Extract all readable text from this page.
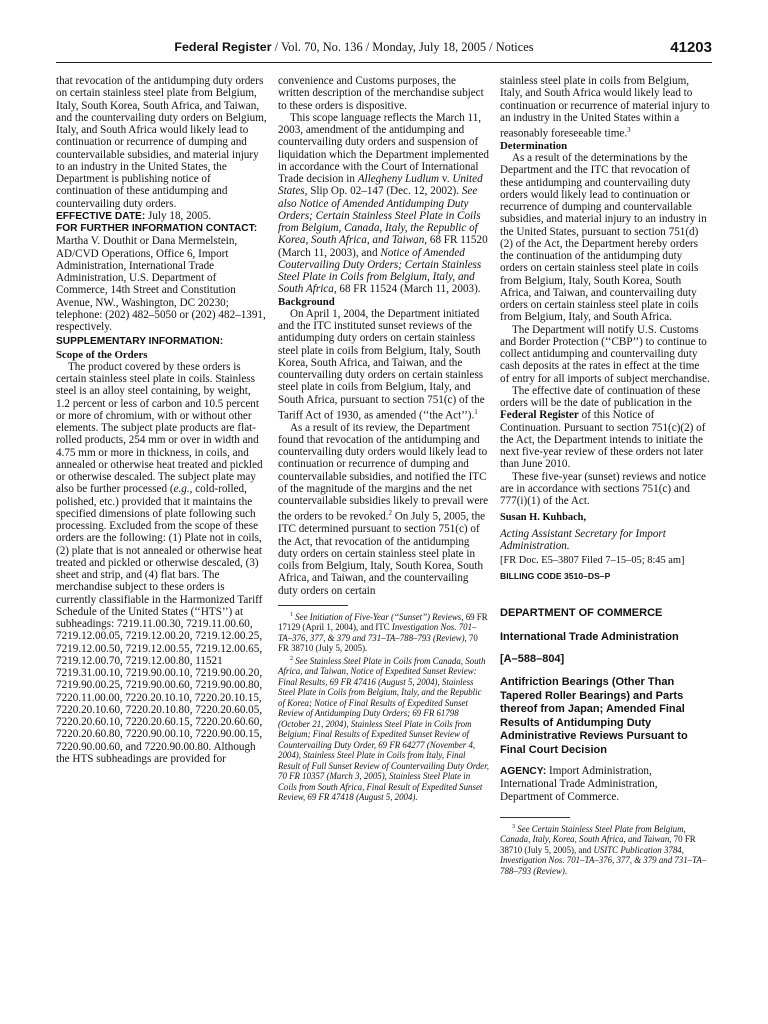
Federal Register / Vol. 70, No. 136 / Monday, July 18, 2005 / Notices	41203

that revocation of the antidumping duty orders on certain stainless steel plate from Belgium, Italy, South Korea, South Africa, and Taiwan, and the countervailing duty orders on Belgium, Italy, and South Africa would likely lead to continuation or recurrence of dumping and countervailable subsidies, and material injury to an industry in the United States, the Department is publishing notice of continuation of these antidumping and countervailing duty orders.

EFFECTIVE DATE: July 18, 2005.

FOR FURTHER INFORMATION CONTACT:

Martha V. Douthit or Dana Mermelstein, AD/CVD Operations, Office 6, Import Administration, International Trade Administration, U.S. Department of Commerce, 14th Street and Constitution Avenue, NW., Washington, DC 20230; telephone: (202) 482–5050 or (202) 482–1391, respectively.

SUPPLEMENTARY INFORMATION:

Scope of the Orders

The product covered by these orders is certain stainless steel plate in coils. Stainless steel is an alloy steel containing, by weight, 1.2 percent or less of carbon and 10.5 percent or more of chromium, with or without other elements. The subject plate products are flat-rolled products, 254 mm or over in width and 4.75 mm or more in thickness, in coils, and annealed or otherwise heat treated and pickled or otherwise descaled. The subject plate may also be further processed (e.g., cold-rolled, polished, etc.) provided that it maintains the specified dimensions of plate following such processing. Excluded from the scope of these orders are the following: (1) Plate not in coils, (2) plate that is not annealed or otherwise heat treated and pickled or otherwise descaled, (3) sheet and strip, and (4) flat bars. The merchandise subject to these orders is currently classifiable in the Harmonized Tariff Schedule of the United States (‘‘HTS’’) at subheadings: 7219.11.00.30, 7219.11.00.60, 7219.12.00.05, 7219.12.00.20, 7219.12.00.25, 7219.12.00.50, 7219.12.00.55, 7219.12.00.65, 7219.12.00.70, 7219.12.00.80, 11521 7219.31.00.10, 7219.90.00.10, 7219.90.00.20, 7219.90.00.25, 7219.90.00.60, 7219.90.00.80, 7220.11.00.00, 7220.20.10.10, 7220.20.10.15, 7220.20.10.60, 7220.20.10.80, 7220.20.60.05, 7220.20.60.10, 7220.20.60.15, 7220.20.60.60, 7220.20.60.80, 7220.90.00.10, 7220.90.00.15, 7220.90.00.60, and 7220.90.00.80. Although the HTS subheadings are provided for

convenience and Customs purposes, the written description of the merchandise subject to these orders is dispositive.

This scope language reflects the March 11, 2003, amendment of the antidumping and countervailing duty orders and suspension of liquidation which the Department implemented in accordance with the Court of International Trade decision in Allegheny Ludlum v. United States, Slip Op. 02–147 (Dec. 12, 2002). See also Notice of Amended Antidumping Duty Orders; Certain Stainless Steel Plate in Coils from Belgium, Canada, Italy, the Republic of Korea, South Africa, and Taiwan, 68 FR 11520 (March 11, 2003), and Notice of Amended Coutervailing Duty Orders; Certain Stainless Steel Plate in Coils from Belgium, Italy, and South Africa, 68 FR 11524 (March 11, 2003).

Background

On April 1, 2004, the Department initiated and the ITC instituted sunset reviews of the antidumping duty orders on certain stainless steel plate in coils from Belgium, Italy, South Korea, South Africa, and Taiwan, and the countervailing duty orders on certain stainless steel plate in coils from Belgium, Italy, and South Africa, pursuant to section 751(c) of the Tariff Act of 1930, as amended (‘‘the Act’’).$^1$

As a result of its review, the Department found that revocation of the antidumping and countervailing duty orders would likely lead to continuation or recurrence of dumping and countervailable subsidies, and notified the ITC of the magnitude of the margins and the net countervailable subsidies likely to prevail were the orders to be revoked.$^2$ On July 5, 2005, the ITC determined pursuant to section 751(c) of the Act, that revocation of the antidumping duty orders on certain stainless steel plate in coils from Belgium, Italy, South Korea, South Africa, and Taiwan, and the countervailing duty orders on certain

$^1$ See Initiation of Five-Year (‘‘Sunset’’) Reviews, 69 FR 17129 (April 1, 2004), and ITC Investigation Nos. 701–TA–376, 377, & 379 and 731–TA–788–793 (Review), 70 FR 38710 (July 5, 2005).

$^2$ See Stainless Steel Plate in Coils from Canada, South Africa, and Taiwan, Notice of Expedited Sunset Review: Final Results, 69 FR 47416 (August 5, 2004), Stainless Steel Plate in Coils from Belgium, Italy, and the Republic of Korea; Notice of Final Results of Expedited Sunset Review of Antidumping Duty Orders; 69 FR 61798 (October 21, 2004), Stainless Steel Plate in Coils from Belgium; Final Results of Expedited Sunset Review of Countervailing Duty Order, 69 FR 64277 (November 4, 2004), Stainless Steel Plate in Coils from Italy, Final Result of Full Sunset Review of Countervailing Duty Order, 70 FR 10357 (March 3, 2005), Stainless Steel Plate in Coils from South Africa, Final Result of Expedited Sunset Review, 69 FR 47418 (August 5, 2004).

stainless steel plate in coils from Belgium, Italy, and South Africa would likely lead to continuation or recurrence of material injury to an industry in the United States within a reasonably foreseeable time.$^3$

Determination

As a result of the determinations by the Department and the ITC that revocation of these antidumping and countervailing duty orders would likely lead to continuation or recurrence of dumping and countervailable subsidies, and material injury to an industry in the United States, pursuant to section 751(d)(2) of the Act, the Department hereby orders the continuation of the antidumping duty orders on certain stainless steel plate in coils from Belgium, Italy, South Korea, South Africa, and Taiwan, and countervailing duty orders on certain stainless steel plate in coils from Belgium, Italy, and South Africa.

The Department will notify U.S. Customs and Border Protection (‘‘CBP’’) to continue to collect antidumping and countervailing duty cash deposits at the rates in effect at the time of entry for all imports of subject merchandise.

The effective date of continuation of these orders will be the date of publication in the Federal Register of this Notice of Continuation. Pursuant to section 751(c)(2) of the Act, the Department intends to initiate the next five-year review of these orders not later than June 2010.

These five-year (sunset) reviews and notice are in accordance with sections 751(c) and 777(i)(1) of the Act.

Susan H. Kuhbach,

Acting Assistant Secretary for Import Administration.

[FR Doc. E5–3807 Filed 7–15–05; 8:45 am]

BILLING CODE 3510–DS–P

DEPARTMENT OF COMMERCE

International Trade Administration

[A–588–804]

Antifriction Bearings (Other Than Tapered Roller Bearings) and Parts thereof from Japan; Amended Final Results of Antidumping Duty Administrative Reviews Pursuant to Final Court Decision

AGENCY: Import Administration, International Trade Administration, Department of Commerce.

$^3$ See Certain Stainless Steel Plate from Belgium, Canada, Italy, Korea, South Africa, and Taiwan, 70 FR 38710 (July 5, 2005), and USITC Publication 3784, Investigation Nos. 701–TA–376, 377, & 379 and 731–TA–788–793 (Review).
